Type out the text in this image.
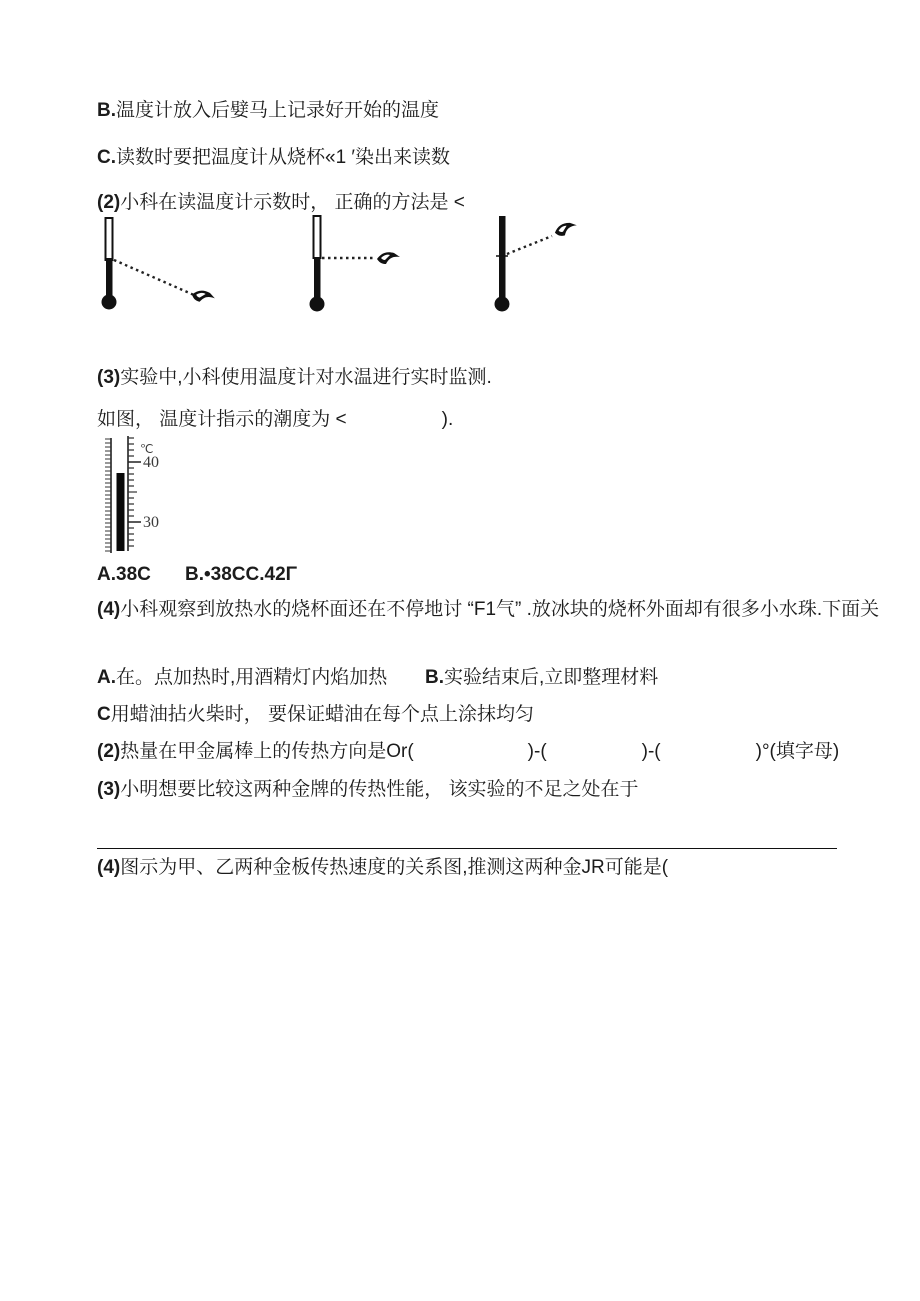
B.温度计放入后嬖马上记录好开始的温度
C.读数时要把温度计从烧杯«1 ′染出来读数
(2)小科在读温度计示数时， 正确的方法是 <
(3)实验中,小科使用温度计对水温进行实时监测.
如图， 温度计指示的潮度为 <　　　　　).
℃
40
30
A.38C B.•38CC.42Γ
(4)小科观察到放热水的烧杯面还在不停地讨 “F1气” .放冰块的烧杯外面却有很多小水珠.下面关
A.在。点加热时,用酒精灯内焰加热 B.实验结束后,立即整理材料
C用蜡油拈火柴时， 要保证蜡油在每个点上涂抹均匀
(2)热量在甲金属棒上的传热方向是Or(　　　　　　)-(　　　　　)-(　　　　　)°(填字母)
(3)小明想要比较这两种金牌的传热性能， 该实验的不足之处在于
(4)图示为甲、乙两种金板传热速度的关系图,推测这两种金JR可能是(
